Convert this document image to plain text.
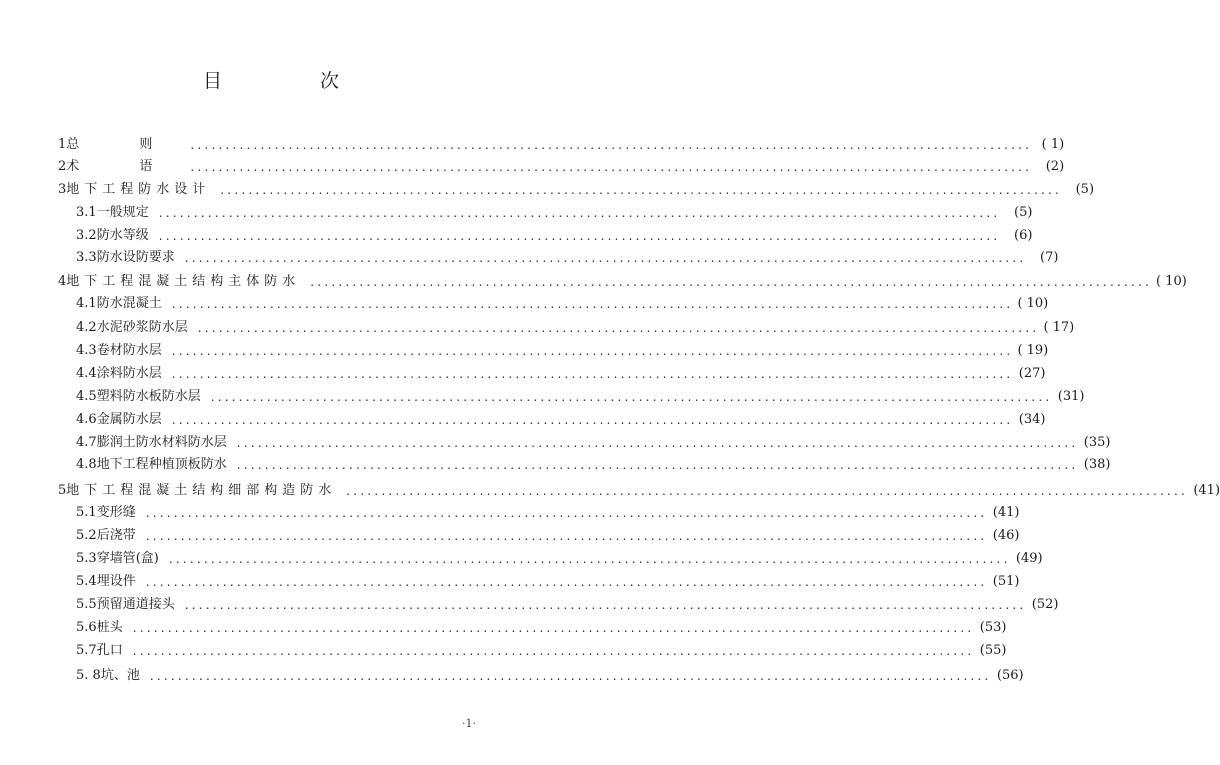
目 次
1 总 则 ........................................................................................................................ ( 1)
2 术 语 ........................................................................................................................	(2)
3 地下工程防水设计 ........................................................................................................................	(5)
3.1 一般规定 ........................................................................................................................	(5)
3.2 防水等级 ........................................................................................................................	(6)
3.3 防水设防要求 ........................................................................................................................	(7)
4 地下工程混凝土结构主体防水 ........................................................................................................................ ( 10)
4.1 防水混凝土 ........................................................................................................................ ( 10)
4.2 水泥砂浆防水层 ........................................................................................................................ ( 17)
4.3 卷材防水层 ........................................................................................................................ ( 19)
4.4 涂料防水层 ........................................................................................................................ (27)
4.5 塑料防水板防水层 ........................................................................................................................ (31)
4.6 金属防水层 ........................................................................................................................ (34)
4.7 膨润土防水材料防水层 ........................................................................................................................ (35)
4.8 地下工程种植顶板防水 ........................................................................................................................ (38)
5 地下工程混凝土结构细部构造防水 ........................................................................................................................ (41)
5.1 变形缝 ........................................................................................................................ (41)
5.2 后浇带 ........................................................................................................................ (46)
5.3 穿墙管(盒) ........................................................................................................................ (49)
5.4 埋设件 ........................................................................................................................ (51)
5.5 预留通道接头 ........................................................................................................................ (52)
5.6 桩头 ........................................................................................................................ (53)
5.7 孔口 ........................................................................................................................ (55)
5. 8 坑、池 ........................................................................................................................ (56)
·1·
